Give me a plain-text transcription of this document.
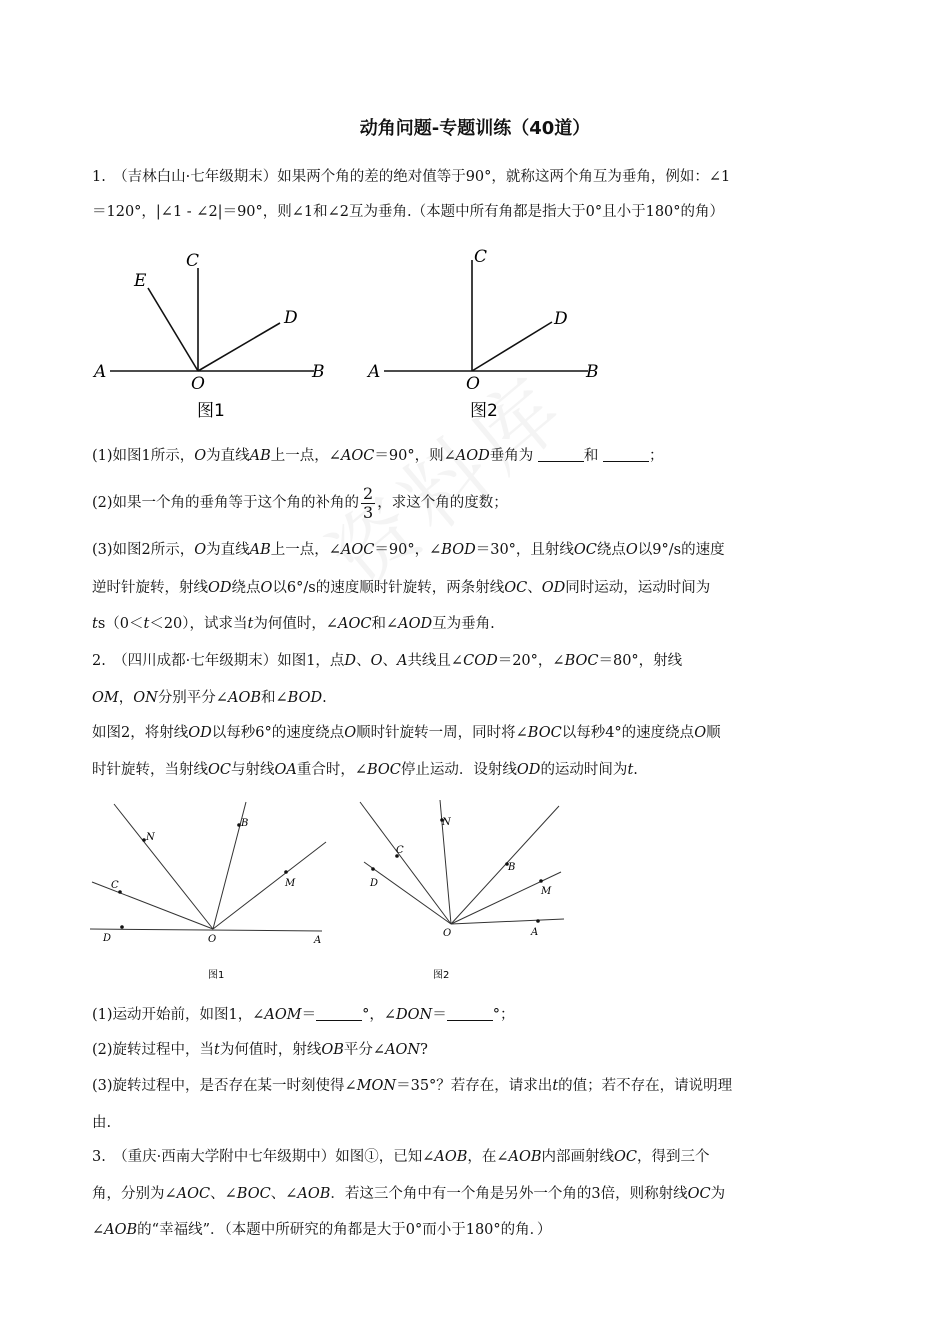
动角问题-专题训练（40道）
1.　（吉林白山·七年级期末）如果两个角的差的绝对值等于90°，就称这两个角互为垂角，例如：∠1
＝120°，|∠1 - ∠2|＝90°，则∠1和∠2互为垂角.（本题中所有角都是指大于0°且小于180°的角）
A
O
B
C
D
E
图1
A
O
B
C
D
图2
(1)如图1所示，O为直线AB上一点，∠AOC＝90°，则∠AOD垂角为	和	；
(2)如果一个角的垂角等于这个角的补角的 $\frac{2}{3}$ ，求这个角的度数；
(3)如图2所示，O为直线AB上一点，∠AOC＝90°，∠BOD＝30°，且射线OC绕点O以9°/s的速度
逆时针旋转，射线OD绕点O以6°/s的速度顺时针旋转，两条射线OC、OD同时运动，运动时间为
ts（0＜t＜20），试求当t为何值时，∠AOC和∠AOD互为垂角.
2.　（四川成都·七年级期末）如图1，点D、O、A共线且∠COD＝20°，∠BOC＝80°，射线
OM，ON分别平分∠AOB和∠BOD.
如图2，将射线OD以每秒6°的速度绕点O顺时针旋转一周，同时将∠BOC以每秒4°的速度绕点O顺
时针旋转，当射线OC与射线OA重合时，∠BOC停止运动．设射线OD的运动时间为t.
N
B
C	M
D	O	A
图1
N
C
D
B
M
O	A
图2
(1)运动开始前，如图1，∠AOM＝	°，∠DON＝	°；
(2)旋转过程中，当t为何值时，射线OB平分∠AON?
(3)旋转过程中，是否存在某一时刻使得∠MON＝35°？若存在，请求出t的值；若不存在，请说明理
由.
3.　（重庆·西南大学附中七年级期中）如图①，已知∠AOB，在∠AOB内部画射线OC，得到三个
角，分别为∠AOC、∠BOC、∠AOB．若这三个角中有一个角是另外一个角的3倍，则称射线OC为
∠AOB的“幸福线”．（本题中所研究的角都是大于0°而小于180°的角．）
